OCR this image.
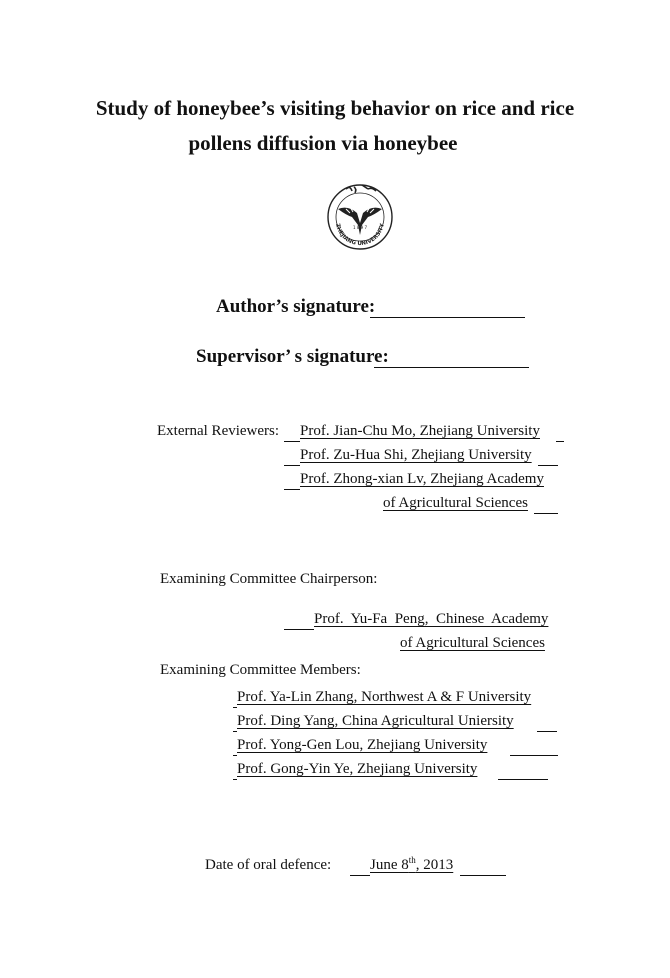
Study of honeybee’s visiting behavior on rice and rice
pollens diffusion via honeybee
1 8 9 7
ZHEJIANG UNIVERSITY
Author’s signature:
Supervisor’ s signature:
External Reviewers: Prof. Jian-Chu Mo, Zhejiang University
Prof. Zu-Hua Shi, Zhejiang University
Prof. Zhong-xian Lv, Zhejiang Academy
of Agricultural Sciences
Examining Committee Chairperson:
Prof.  Yu-Fa  Peng,  Chinese  Academy
of Agricultural Sciences
Examining Committee Members:
Prof. Ya-Lin Zhang, Northwest A & F University
Prof. Ding Yang, China Agricultural Uniersity
Prof. Yong-Gen Lou, Zhejiang University
Prof. Gong-Yin Ye, Zhejiang University
Date of oral defence:	June 8th, 2013
